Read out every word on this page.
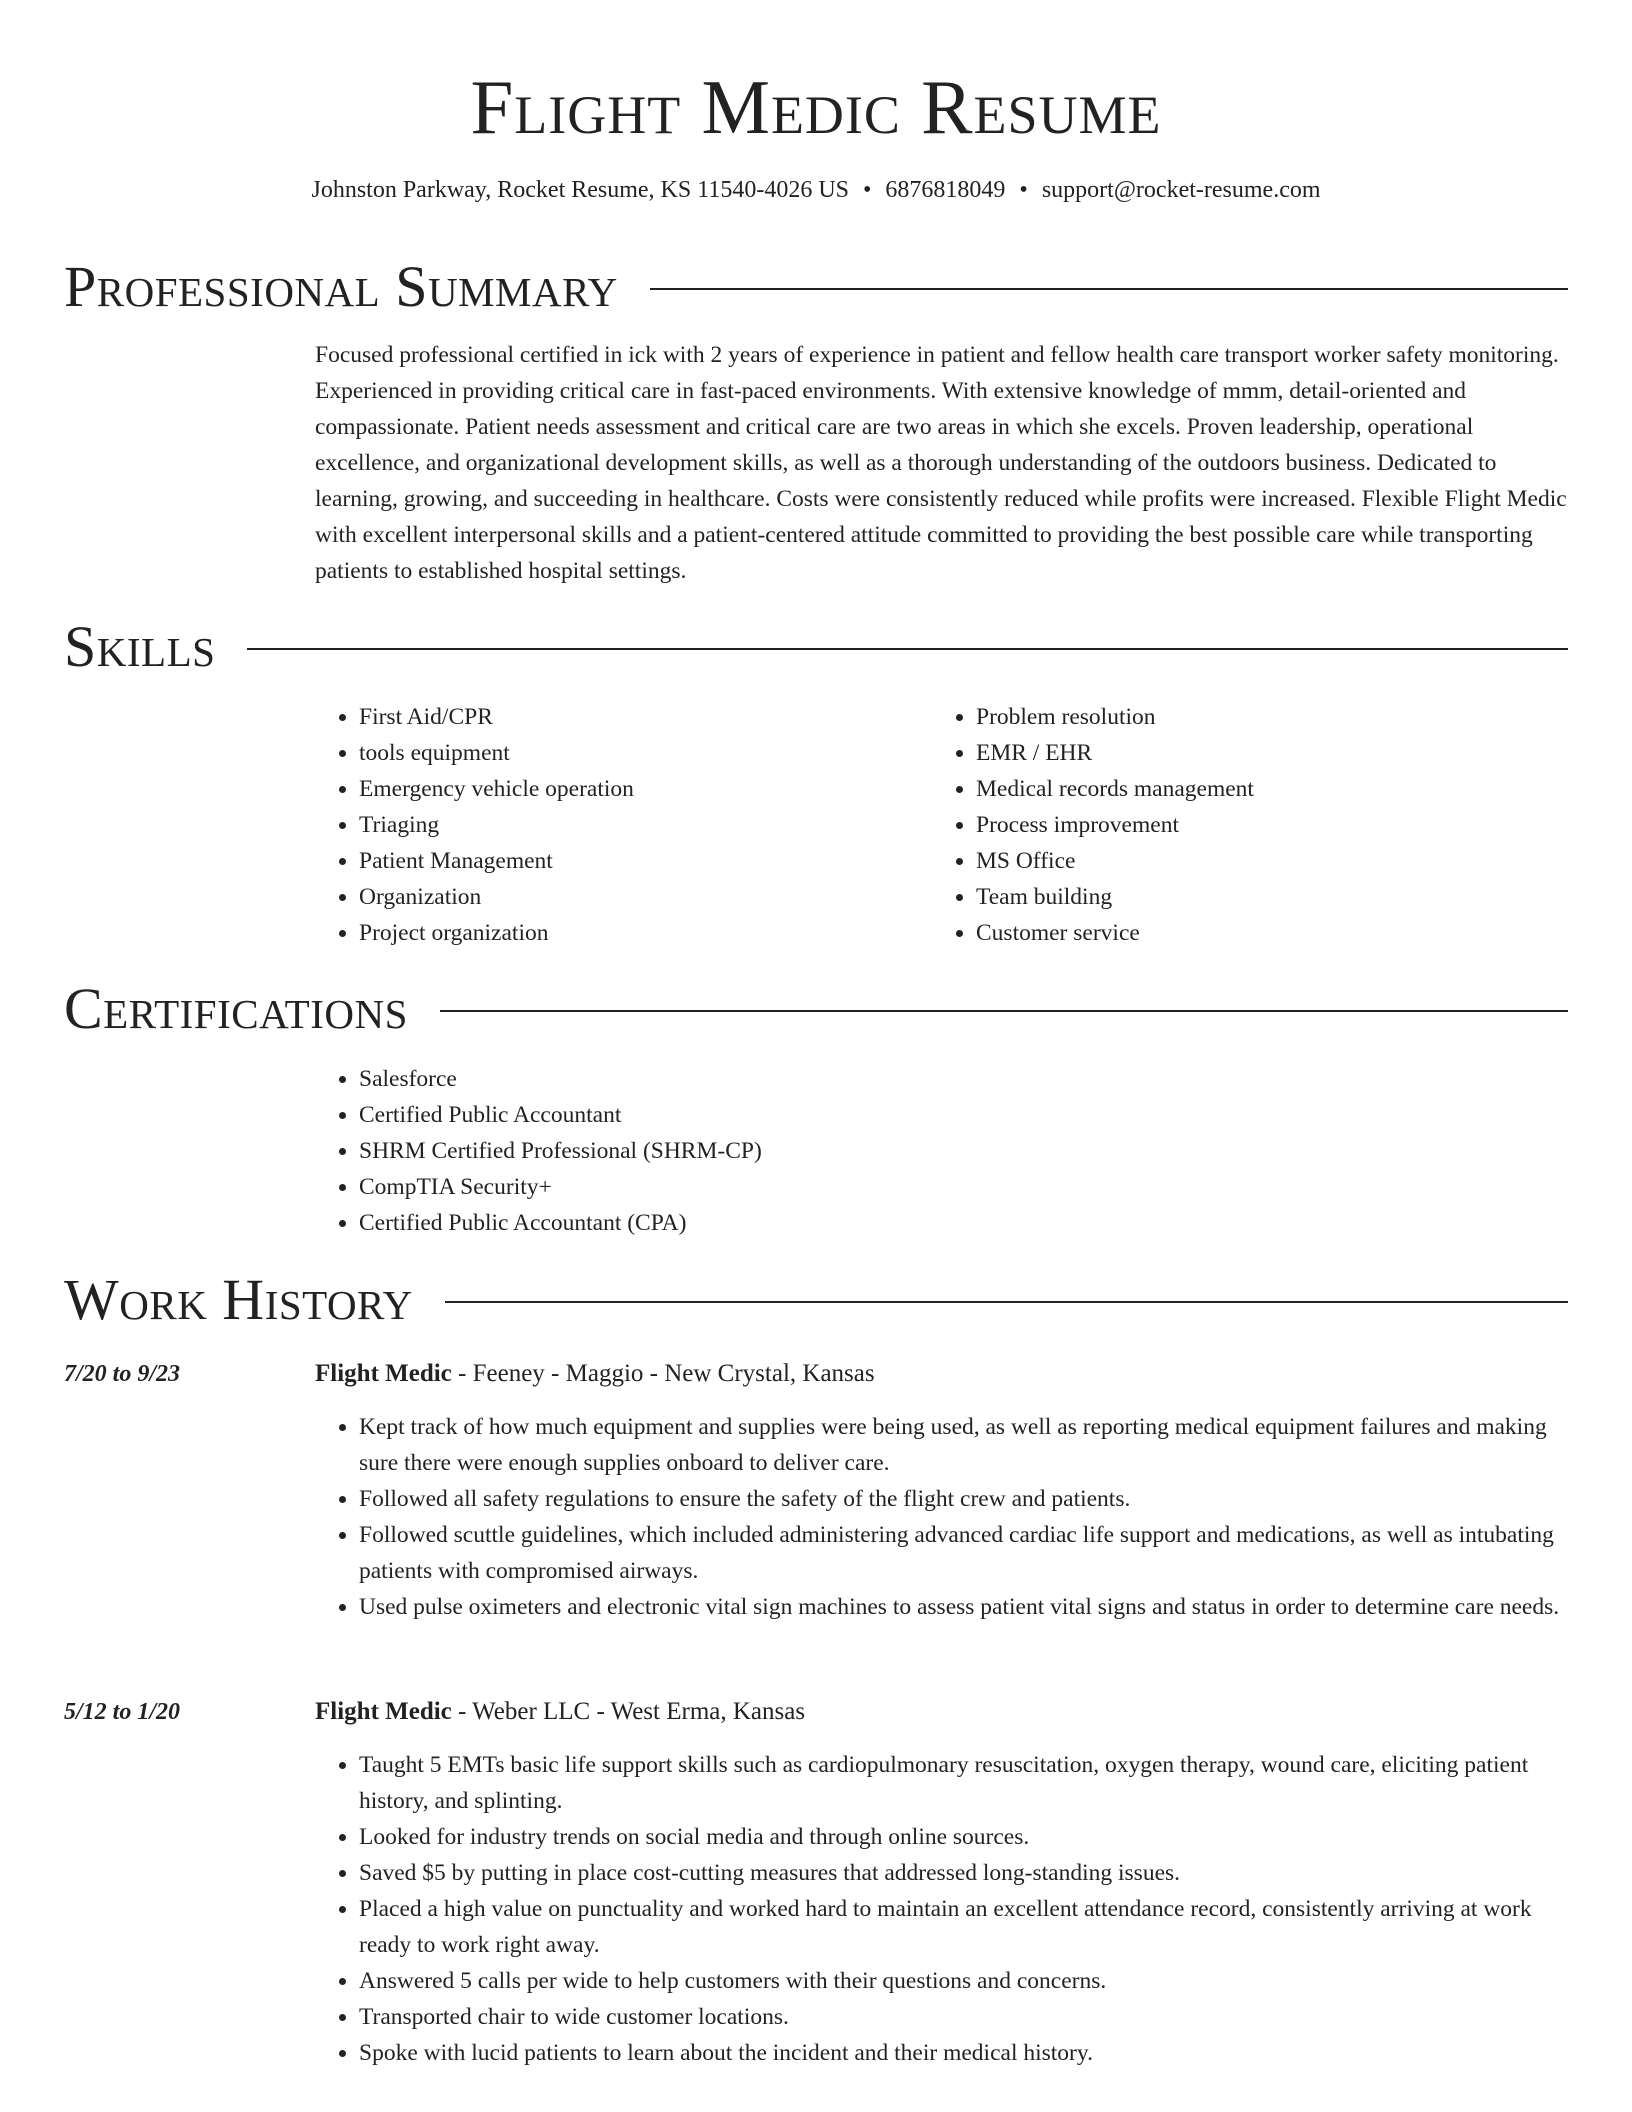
Flight Medic Resume
Johnston Parkway, Rocket Resume, KS 11540-4026 US • 6876818049 • support@rocket-resume.com
Professional Summary
Focused professional certified in ick with 2 years of experience in patient and fellow health care transport worker safety monitoring. Experienced in providing critical care in fast-paced environments. With extensive knowledge of mmm, detail-oriented and compassionate. Patient needs assessment and critical care are two areas in which she excels. Proven leadership, operational excellence, and organizational development skills, as well as a thorough understanding of the outdoors business. Dedicated to learning, growing, and succeeding in healthcare. Costs were consistently reduced while profits were increased. Flexible Flight Medic with excellent interpersonal skills and a patient-centered attitude committed to providing the best possible care while transporting patients to established hospital settings.
Skills
• First Aid/CPR
• tools equipment
• Emergency vehicle operation
• Triaging
• Patient Management
• Organization
• Project organization
• Problem resolution
• EMR / EHR
• Medical records management
• Process improvement
• MS Office
• Team building
• Customer service
Certifications
• Salesforce
• Certified Public Accountant
• SHRM Certified Professional (SHRM-CP)
• CompTIA Security+
• Certified Public Accountant (CPA)
Work History
7/20 to 9/23	Flight Medic - Feeney - Maggio - New Crystal, Kansas
• Kept track of how much equipment and supplies were being used, as well as reporting medical equipment failures and making sure there were enough supplies onboard to deliver care.
• Followed all safety regulations to ensure the safety of the flight crew and patients.
• Followed scuttle guidelines, which included administering advanced cardiac life support and medications, as well as intubating patients with compromised airways.
• Used pulse oximeters and electronic vital sign machines to assess patient vital signs and status in order to determine care needs.
5/12 to 1/20	Flight Medic - Weber LLC - West Erma, Kansas
• Taught 5 EMTs basic life support skills such as cardiopulmonary resuscitation, oxygen therapy, wound care, eliciting patient history, and splinting.
• Looked for industry trends on social media and through online sources.
• Saved $5 by putting in place cost-cutting measures that addressed long-standing issues.
• Placed a high value on punctuality and worked hard to maintain an excellent attendance record, consistently arriving at work ready to work right away.
• Answered 5 calls per wide to help customers with their questions and concerns.
• Transported chair to wide customer locations.
• Spoke with lucid patients to learn about the incident and their medical history.
